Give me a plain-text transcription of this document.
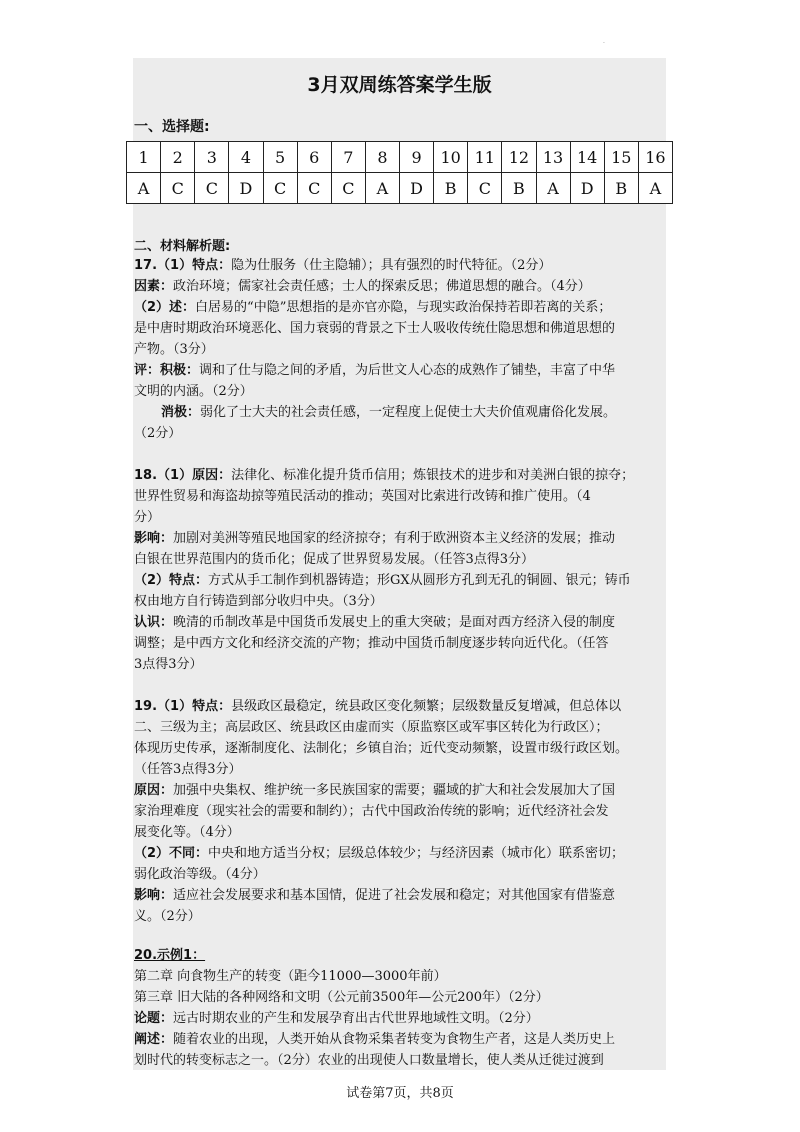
.
3月双周练答案学生版
一、选择题:
1	2	3	4	5	6	7	8	9	10	11	12	13	14	15	16
A	C	C	D	C	C	C	A	D	B	C	B	A	D	B	A
二、材料解析题:
17.（1）特点：隐为仕服务（仕主隐辅）；具有强烈的时代特征。（2分）
因素：政治环境；儒家社会责任感；士人的探索反思；佛道思想的融合。（4分）
（2）述：白居易的“中隐”思想指的是亦官亦隐，与现实政治保持若即若离的关系；
是中唐时期政治环境恶化、国力衰弱的背景之下士人吸收传统仕隐思想和佛道思想的
产物。（3分）
评：积极：调和了仕与隐之间的矛盾，为后世文人心态的成熟作了铺垫，丰富了中华
文明的内涵。（2分）
消极：弱化了士大夫的社会责任感，一定程度上促使士大夫价值观庸俗化发展。
（2分）
18.（1）原因：法律化、标准化提升货币信用；炼银技术的进步和对美洲白银的掠夺；
世界性贸易和海盗劫掠等殖民活动的推动；英国对比索进行改铸和推广使用。（4
分）
影响：加剧对美洲等殖民地国家的经济掠夺；有利于欧洲资本主义经济的发展；推动
白银在世界范围内的货币化；促成了世界贸易发展。（任答3点得3分）
（2）特点：方式从手工制作到机器铸造；形GX从圆形方孔到无孔的铜圆、银元；铸币
权由地方自行铸造到部分收归中央。（3分）
认识：晚清的币制改革是中国货币发展史上的重大突破；是面对西方经济入侵的制度
调整；是中西方文化和经济交流的产物；推动中国货币制度逐步转向近代化。（任答
3点得3分）
19.（1）特点：县级政区最稳定，统县政区变化频繁；层级数量反复增减，但总体以
二、三级为主；高层政区、统县政区由虚而实（原监察区或军事区转化为行政区）；
体现历史传承，逐渐制度化、法制化；乡镇自治；近代变动频繁，设置市级行政区划。
（任答3点得3分）
原因：加强中央集权、维护统一多民族国家的需要；疆域的扩大和社会发展加大了国
家治理难度（现实社会的需要和制约）；古代中国政治传统的影响；近代经济社会发
展变化等。（4分）
（2）不同：中央和地方适当分权；层级总体较少；与经济因素（城市化）联系密切；
弱化政治等级。（4分）
影响：适应社会发展要求和基本国情，促进了社会发展和稳定；对其他国家有借鉴意
义。（2分）
20.示例1：
第二章 向食物生产的转变（距今11000—3000年前）
第三章 旧大陆的各种网络和文明（公元前3500年—公元200年）（2分）
论题：远古时期农业的产生和发展孕育出古代世界地域性文明。（2分）
阐述：随着农业的出现，人类开始从食物采集者转变为食物生产者，这是人类历史上
划时代的转变标志之一。（2分）农业的出现使人口数量增长，使人类从迁徙过渡到
试卷第7页，共8页
